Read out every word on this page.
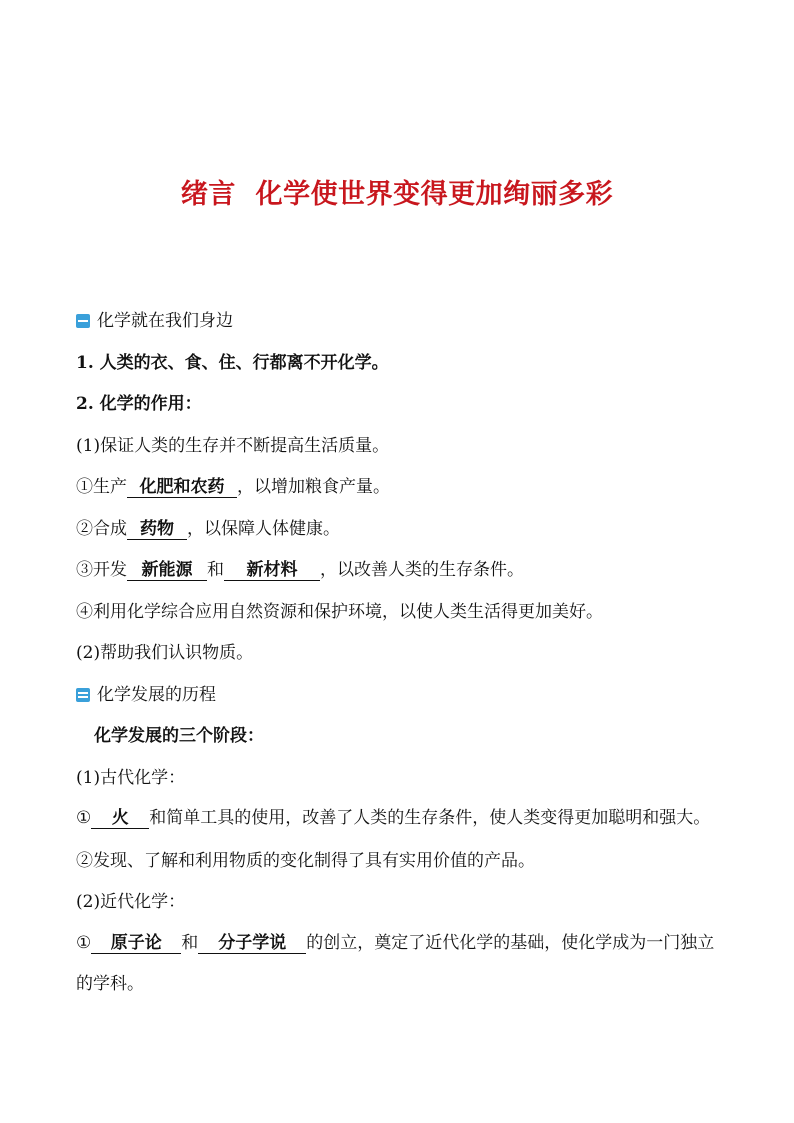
绪言  化学使世界变得更加绚丽多彩
化学就在我们身边
1. 人类的衣、食、住、行都离不开化学。
2. 化学的作用：
(1)保证人类的生存并不断提高生活质量。
①生产 化肥和农药 ，以增加粮食产量。
②合成 药物 ，以保障人体健康。
③开发 新能源 和 新材料 ，以改善人类的生存条件。
④利用化学综合应用自然资源和保护环境，以使人类生活得更加美好。
(2)帮助我们认识物质。
化学发展的历程
化学发展的三个阶段：
(1)古代化学：
① 火 和简单工具的使用，改善了人类的生存条件，使人类变得更加聪明和强大。
②发现、了解和利用物质的变化制得了具有实用价值的产品。
(2)近代化学：
① 原子论 和 分子学说 的创立，奠定了近代化学的基础，使化学成为一门独立的学科。
